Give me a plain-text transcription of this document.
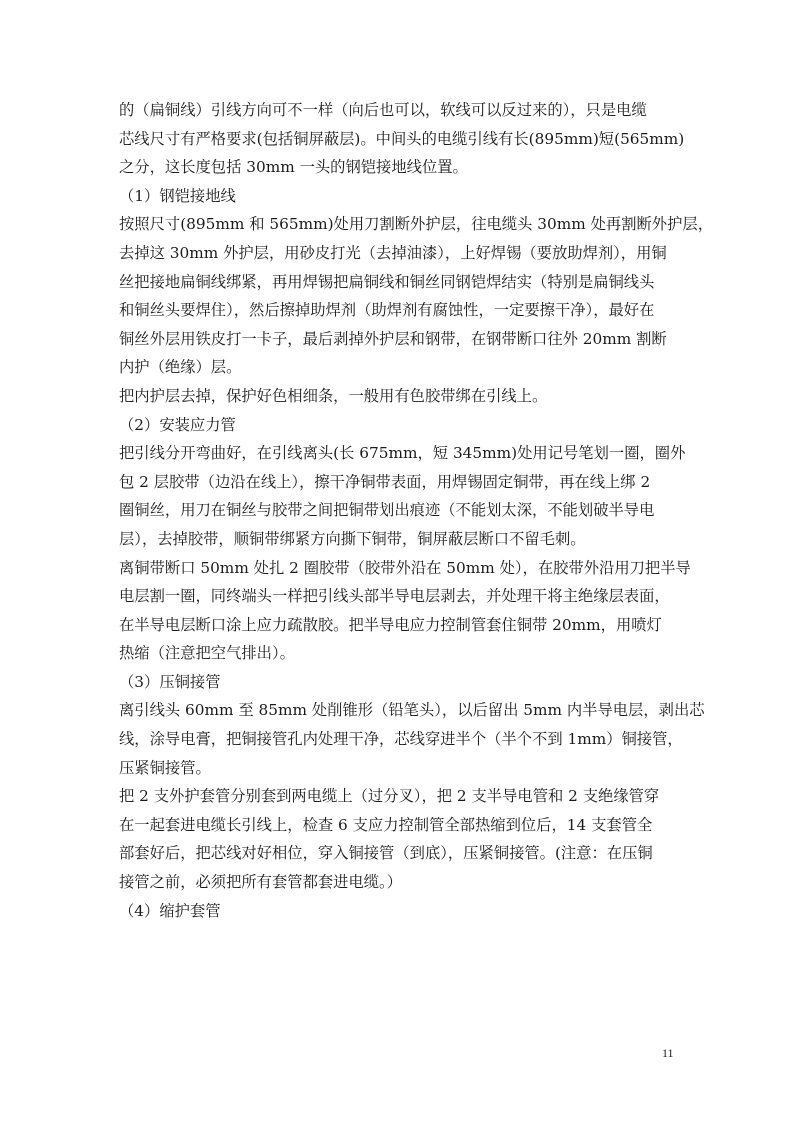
的（扁铜线）引线方向可不一样（向后也可以，软线可以反过来的），只是电缆
芯线尺寸有严格要求(包括铜屏蔽层)。中间头的电缆引线有长(895mm)短(565mm)
之分，这长度包括 30mm 一头的钢铠接地线位置。
（1）钢铠接地线
按照尺寸(895mm 和 565mm)处用刀割断外护层，往电缆头 30mm 处再割断外护层，
去掉这 30mm 外护层，用砂皮打光（去掉油漆），上好焊锡（要放助焊剂），用铜
丝把接地扁铜线绑紧，再用焊锡把扁铜线和铜丝同钢铠焊结实（特别是扁铜线头
和铜丝头要焊住），然后擦掉助焊剂（助焊剂有腐蚀性，一定要擦干净），最好在
铜丝外层用铁皮打一卡子，最后剥掉外护层和钢带，在钢带断口往外 20mm 割断
内护（绝缘）层。
把内护层去掉，保护好色相细条，一般用有色胶带绑在引线上。
（2）安装应力管
把引线分开弯曲好，在引线离头(长 675mm，短 345mm)处用记号笔划一圈，圈外
包 2 层胶带（边沿在线上），擦干净铜带表面，用焊锡固定铜带，再在线上绑 2
圈铜丝，用刀在铜丝与胶带之间把铜带划出痕迹（不能划太深，不能划破半导电
层），去掉胶带，顺铜带绑紧方向撕下铜带，铜屏蔽层断口不留毛刺。
离铜带断口 50mm 处扎 2 圈胶带（胶带外沿在 50mm 处），在胶带外沿用刀把半导
电层割一圈，同终端头一样把引线头部半导电层剥去，并处理干将主绝缘层表面，
在半导电层断口涂上应力疏散胶。把半导电应力控制管套住铜带 20mm，用喷灯
热缩（注意把空气排出）。
（3）压铜接管
离引线头 60mm 至 85mm 处削锥形（铅笔头），以后留出 5mm 内半导电层，剥出芯
线，涂导电膏，把铜接管孔内处理干净，芯线穿进半个（半个不到 1mm）铜接管，
压紧铜接管。
把 2 支外护套管分别套到两电缆上（过分叉），把 2 支半导电管和 2 支绝缘管穿
在一起套进电缆长引线上，检查 6 支应力控制管全部热缩到位后，14 支套管全
部套好后，把芯线对好相位，穿入铜接管（到底），压紧铜接管。(注意：在压铜
接管之前，必须把所有套管都套进电缆。）
（4）缩护套管
11
